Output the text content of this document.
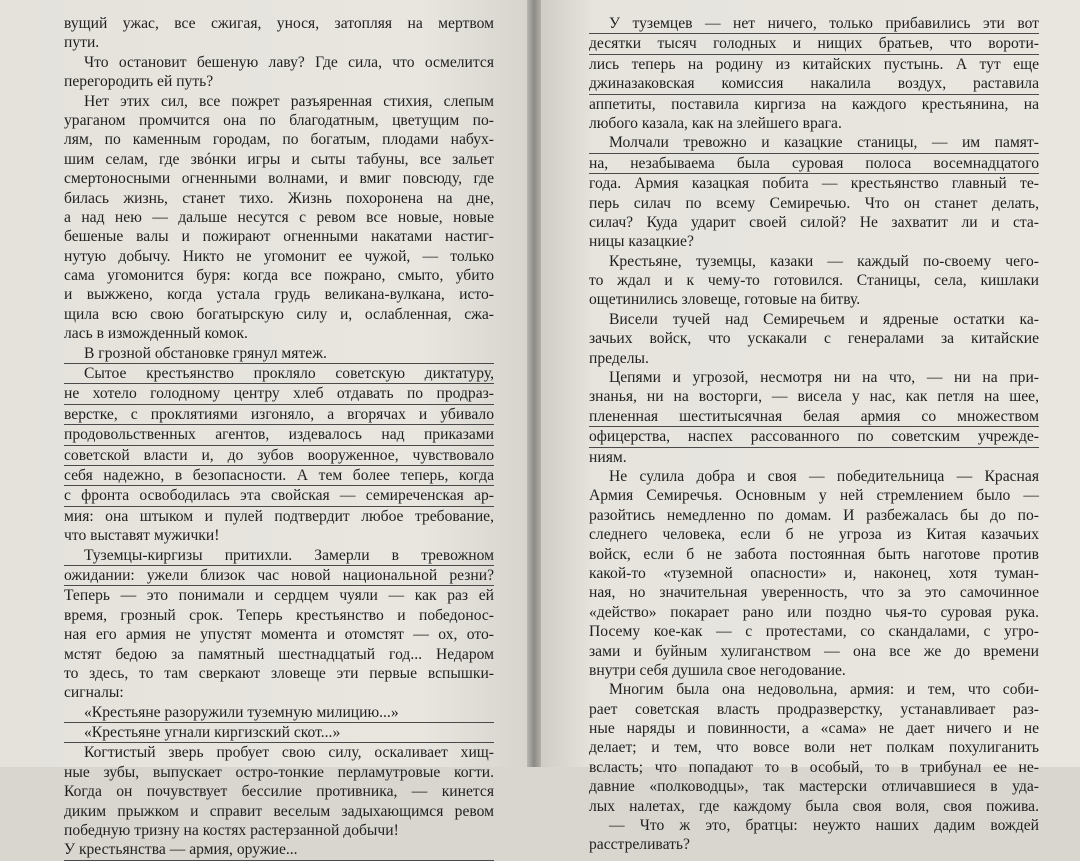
вущий ужас, все сжигая, унося, затопляя на мертвом
пути.
Что остановит бешеную лаву? Где сила, что осмелится
перегородить ей путь?
Нет этих сил, все пожрет разъяренная стихия, слепым
ураганом промчится она по благодатным, цветущим по-
лям, по каменным городам, по богатым, плодами набух-
шим селам, где звóнки игры и сыты табуны, все зальет
смертоносными огненными волнами, и вмиг повсюду, где
билась жизнь, станет тихо. Жизнь похоронена на дне,
а над нею — дальше несутся с ревом все новые, новые
бешеные валы и пожирают огненными накатами настиг-
нутую добычу. Никто не угомонит ее чужой, — только
сама угомонится буря: когда все пожрано, смыто, убито
и выжжено, когда устала грудь великана-вулкана, исто-
щила всю свою богатырскую силу и, ослабленная, сжа-
лась в изможденный комок.
В грозной обстановке грянул мятеж.
Сытое крестьянство прокляло советскую диктатуру,
не хотело голодному центру хлеб отдавать по продраз-
верстке, с проклятиями изгоняло, а вгорячах и убивало
продовольственных агентов, издевалось над приказами
советской власти и, до зубов вооруженное, чувствовало
себя надежно, в безопасности. А тем более теперь, когда
с фронта освободилась эта свойская — семиреченская ар-
мия: она штыком и пулей подтвердит любое требование,
что выставят мужички!
Туземцы-киргизы притихли. Замерли в тревожном
ожидании: ужели близок час новой национальной резни?
Теперь — это понимали и сердцем чуяли — как раз ей
время, грозный срок. Теперь крестьянство и победонос-
ная его армия не упустят момента и отомстят — ох, ото-
мстят бедою за памятный шестнадцатый год... Недаром
то здесь, то там сверкают зловеще эти первые вспышки-
сигналы:
«Крестьяне разоружили туземную милицию...»
«Крестьяне угнали киргизский скот...»
Когтистый зверь пробует свою силу, оскаливает хищ-
ные зубы, выпускает остро-тонкие перламутровые когти.
Когда он почувствует бессилие противника, — кинется
диким прыжком и справит веселым задыхающимся ревом
победную тризну на костях растерзанной добычи!
У крестьянства — армия, оружие...
У туземцев — нет ничего, только прибавились эти вот
десятки тысяч голодных и нищих братьев, что вороти-
лись теперь на родину из китайских пустынь. А тут еще
джиназаковская комиссия накалила воздух, раставила
аппетиты, поставила киргиза на каждого крестьянина, на
любого казала, как на злейшего врага.
Молчали тревожно и казацкие станицы, — им памят-
на, незабываема была суровая полоса восемнадцатого
года. Армия казацкая побита — крестьянство главный те-
перь силач по всему Семиречью. Что он станет делать,
силач? Куда ударит своей силой? Не захватит ли и ста-
ницы казацкие?
Крестьяне, туземцы, казаки — каждый по-своему чего-
то ждал и к чему-то готовился. Станицы, села, кишлаки
ощетинились зловеще, готовые на битву.
Висели тучей над Семиречьем и ядреные остатки ка-
зачьих войск, что ускакали с генералами за китайские
пределы.
Цепями и угрозой, несмотря ни на что, — ни на при-
знанья, ни на восторги, — висела у нас, как петля на шее,
плененная шеститысячная белая армия со множеством
офицерства, наспех рассованного по советским учрежде-
ниям.
Не сулила добра и своя — победительница — Красная
Армия Семиречья. Основным у ней стремлением было —
разойтись немедленно по домам. И разбежалась бы до по-
следнего человека, если б не угроза из Китая казачьих
войск, если б не забота постоянная быть наготове против
какой-то «туземной опасности» и, наконец, хотя туман-
ная, но значительная уверенность, что за это самочинное
«действо» покарает рано или поздно чья-то суровая рука.
Посему кое-как — с протестами, со скандалами, с угро-
зами и буйным хулиганством — она все же до времени
внутри себя душила свое негодование.
Многим была она недовольна, армия: и тем, что соби-
рает советская власть продразверстку, устанавливает раз-
ные наряды и повинности, а «сама» не дает ничего и не
делает; и тем, что вовсе воли нет полкам похулиганить
всласть; что попадают то в особый, то в трибунал ее не-
давние «полководцы», так мастерски отличавшиеся в уда-
лых налетах, где каждому была своя воля, своя пожива.
— Что ж это, братцы: неужто наших дадим вождей
расстреливать?
